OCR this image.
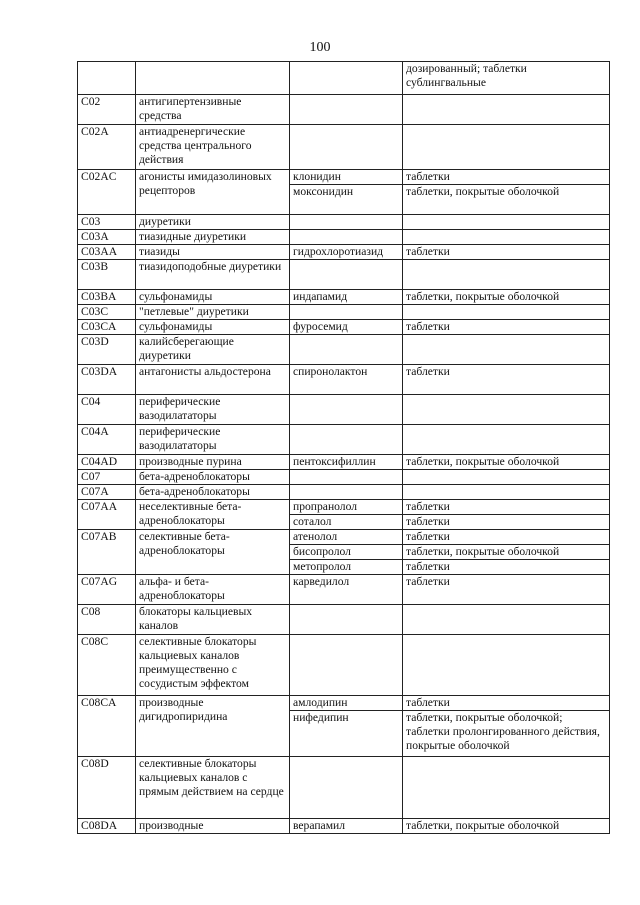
100
			дозированный; таблетки сублингвальные
C02	антигипертензивные средства		
C02A	антиадренергические средства центрального действия		
C02AC	агонисты имидазолиновых рецепторов	клонидин	таблетки
		моксонидин	таблетки, покрытые оболочкой
C03	диуретики		
C03A	тиазидные диуретики		
C03AA	тиазиды	гидрохлоротиазид	таблетки
C03B	тиазидоподобные диуретики		
C03BA	сульфонамиды	индапамид	таблетки, покрытые оболочкой
C03C	"петлевые" диуретики		
C03CA	сульфонамиды	фуросемид	таблетки
C03D	калийсберегающие диуретики		
C03DA	антагонисты альдостерона	спиронолактон	таблетки
C04	периферические вазодилататоры		
C04A	периферические вазодилататоры		
C04AD	производные пурина	пентоксифиллин	таблетки, покрытые оболочкой
C07	бета-адреноблокаторы		
C07A	бета-адреноблокаторы		
C07AA	неселективные бета-адреноблокаторы	пропранолол	таблетки
		соталол	таблетки
C07AB	селективные бета-адреноблокаторы	атенолол	таблетки
		бисопролол	таблетки, покрытые оболочкой
		метопролол	таблетки
C07AG	альфа- и бета-адреноблокаторы	карведилол	таблетки
C08	блокаторы кальциевых каналов		
C08C	селективные блокаторы кальциевых каналов преимущественно с сосудистым эффектом		
C08CA	производные дигидропиридина	амлодипин	таблетки
		нифедипин	таблетки, покрытые оболочкой; таблетки пролонгированного действия, покрытые оболочкой
C08D	селективные блокаторы кальциевых каналов с прямым действием на сердце		
C08DA	производные	верапамил	таблетки, покрытые оболочкой
